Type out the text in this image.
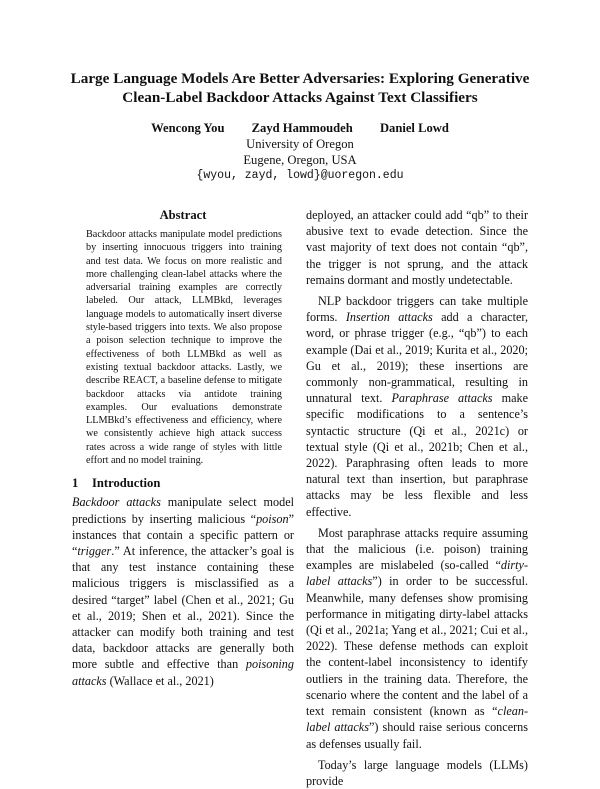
Large Language Models Are Better Adversaries: Exploring Generative
Clean-Label Backdoor Attacks Against Text Classifiers
Wencong You Zayd Hammoudeh Daniel Lowd
University of Oregon
Eugene, Oregon, USA
{wyou, zayd, lowd}@uoregon.edu
Abstract

Backdoor attacks manipulate model predictions by inserting innocuous triggers into training and test data. We focus on more realistic and more challenging clean-label attacks where the adversarial training examples are correctly labeled. Our attack, LLMBkd, leverages language models to automatically insert diverse style-based triggers into texts. We also propose a poison selection technique to improve the effectiveness of both LLMBkd as well as existing textual backdoor attacks. Lastly, we describe REACT, a baseline defense to mitigate backdoor attacks via antidote training examples. Our evaluations demonstrate LLMBkd’s effectiveness and efficiency, where we consistently achieve high attack success rates across a wide range of styles with little effort and no model training.

1 Introduction

Backdoor attacks manipulate select model predictions by inserting malicious “poison” instances that contain a specific pattern or “trigger.” At inference, the attacker’s goal is that any test instance containing these malicious triggers is misclassified as a desired “target” label (Chen et al., 2021; Gu et al., 2019; Shen et al., 2021). Since the attacker can modify both training and test data, backdoor attacks are generally both more subtle and effective than poisoning attacks (Wallace et al., 2021)

deployed, an attacker could add “qb” to their abusive text to evade detection. Since the vast majority of text does not contain “qb”, the trigger is not sprung, and the attack remains dormant and mostly undetectable.

NLP backdoor triggers can take multiple forms. Insertion attacks add a character, word, or phrase trigger (e.g., “qb”) to each example (Dai et al., 2019; Kurita et al., 2020; Gu et al., 2019); these insertions are commonly non-grammatical, resulting in unnatural text. Paraphrase attacks make specific modifications to a sentence’s syntactic structure (Qi et al., 2021c) or textual style (Qi et al., 2021b; Chen et al., 2022). Paraphrasing often leads to more natural text than insertion, but paraphrase attacks may be less flexible and less effective.

Most paraphrase attacks require assuming that the malicious (i.e. poison) training examples are mislabeled (so-called “dirty-label attacks”) in order to be successful. Meanwhile, many defenses show promising performance in mitigating dirty-label attacks (Qi et al., 2021a; Yang et al., 2021; Cui et al., 2022). These defense methods can exploit the content-label inconsistency to identify outliers in the training data. Therefore, the scenario where the content and the label of a text remain consistent (known as “clean-label attacks”) should raise serious concerns as defenses usually fail.

Today’s large language models (LLMs) provide
